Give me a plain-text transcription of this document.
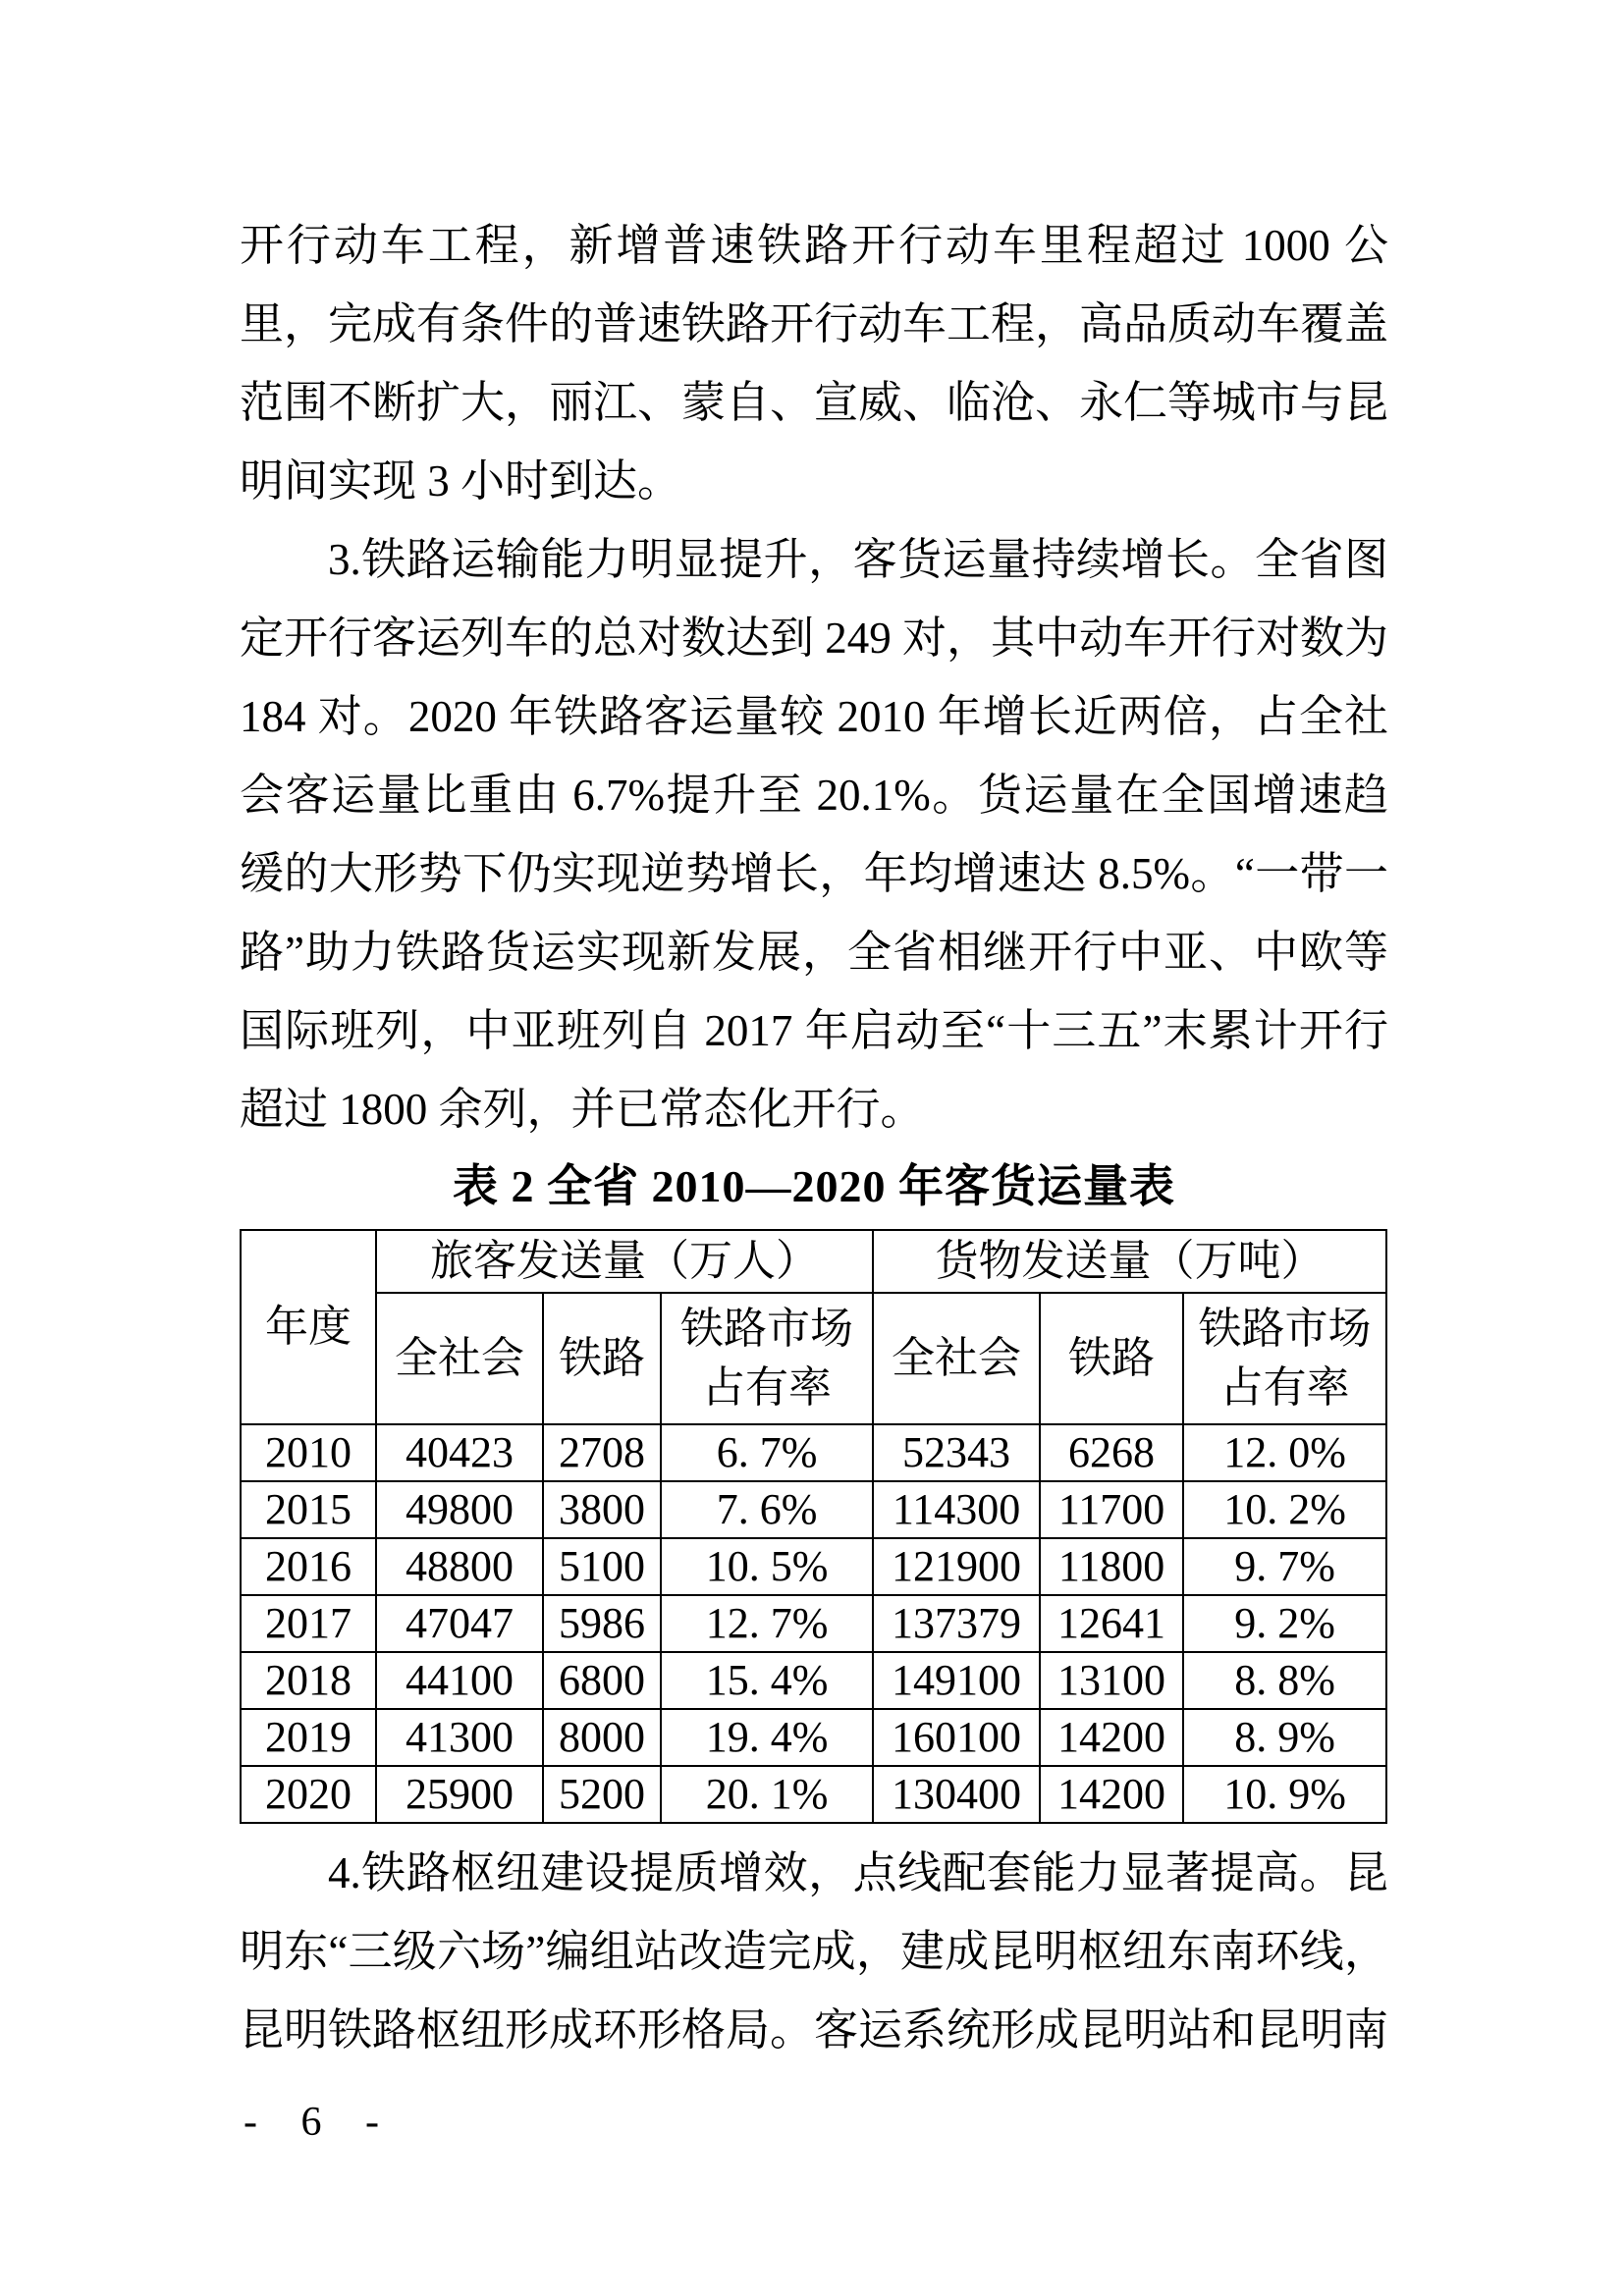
开行动车工程，新增普速铁路开行动车里程超过 1000 公里，完成有条件的普速铁路开行动车工程，高品质动车覆盖范围不断扩大，丽江、蒙自、宣威、临沧、永仁等城市与昆明间实现 3 小时到达。

3.铁路运输能力明显提升，客货运量持续增长。全省图定开行客运列车的总对数达到 249 对，其中动车开行对数为 184 对。2020 年铁路客运量较 2010 年增长近两倍，占全社会客运量比重由 6.7%提升至 20.1%。货运量在全国增速趋缓的大形势下仍实现逆势增长，年均增速达 8.5%。“一带一路”助力铁路货运实现新发展，全省相继开行中亚、中欧等国际班列，中亚班列自 2017 年启动至“十三五”末累计开行超过 1800 余列，并已常态化开行。

表 2 全省 2010—2020 年客货运量表
年度	旅客发送量（万人）			货物发送量（万吨）		
	全社会	铁路	铁路市场占有率	全社会	铁路	铁路市场占有率
2010	40423	2708	6. 7%	52343	6268	12. 0%
2015	49800	3800	7. 6%	114300	11700	10. 2%
2016	48800	5100	10. 5%	121900	11800	9. 7%
2017	47047	5986	12. 7%	137379	12641	9. 2%
2018	44100	6800	15. 4%	149100	13100	8. 8%
2019	41300	8000	19. 4%	160100	14200	8. 9%
2020	25900	5200	20. 1%	130400	14200	10. 9%

4.铁路枢纽建设提质增效，点线配套能力显著提高。昆明东“三级六场”编组站改造完成，建成昆明枢纽东南环线，昆明铁路枢纽形成环形格局。客运系统形成昆明站和昆明南

- 6 -
